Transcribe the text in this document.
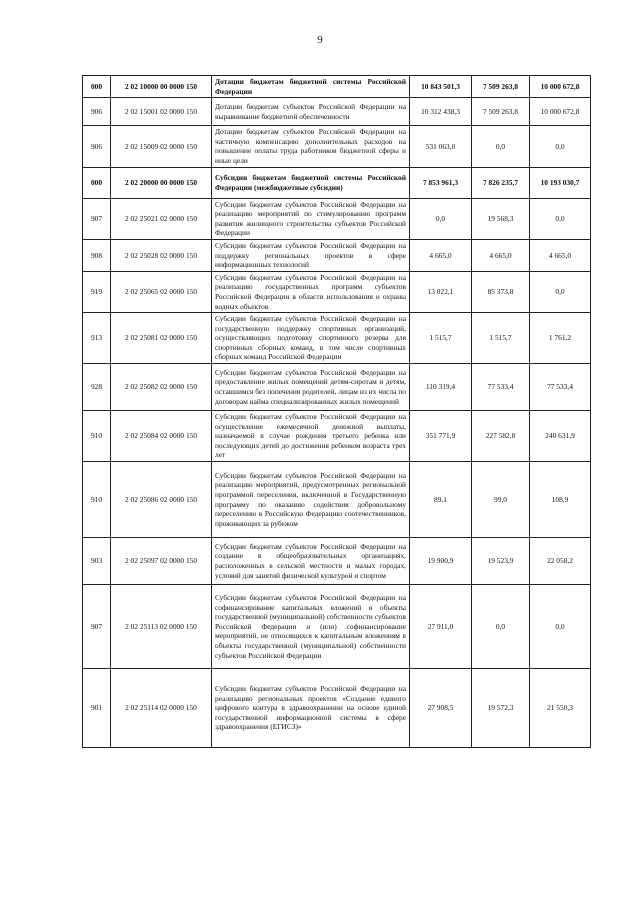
9
000	2 02 10000 00 0000 150	Дотации бюджетам бюджетной системы Российской Федерации	10 843 501,3	7 509 263,8	10 000 672,8
906	2 02 15001 02 0000 150	Дотации бюджетам субъектов Российской Федерации на выравнивание бюджетной обеспеченности	10 312 438,3	7 509 263,8	10 000 672,8
906	2 02 15009 02 0000 150	Дотации бюджетам субъектов Российской Федерации на частичную компенсацию дополнительных расходов на повышение оплаты труда работников бюджетной сферы и иные цели	531 063,0	0,0	0,0
000	2 02 20000 00 0000 150	Субсидии бюджетам бюджетной системы Российской Федерации (межбюджетные субсидии)	7 853 961,3	7 826 235,7	10 193 030,7
907	2 02 25021 02 0000 150	Субсидии бюджетам субъектов Российской Федерации на реализацию мероприятий по стимулированию программ развития жилищного строительства субъектов Российской Федерации	0,0	19 568,3	0,0
908	2 02 25028 02 0000 150	Субсидии бюджетам субъектов Российской Федерации на поддержку региональных проектов в сфере информационных технологий	4 665,0	4 665,0	4 665,0
919	2 02 25065 02 0000 150	Субсидии бюджетам субъектов Российской Федерации на реализацию государственных программ субъектов Российской Федерации в области использования и охраны водных объектов	13 022,1	85 373,8	0,0
913	2 02 25081 02 0000 150	Субсидии бюджетам субъектов Российской Федерации на государственную поддержку спортивных организаций, осуществляющих подготовку спортивного резерва для спортивных сборных команд, в том числе спортивных сборных команд Российской Федерации	1 515,7	1 515,7	1 761,2
928	2 02 25082 02 0000 150	Субсидии бюджетам субъектов Российской Федерации на предоставление жилых помещений детям-сиротам и детям, оставшимся без попечения родителей, лицам из их числа по договорам найма специализированных жилых помещений	110 319,4	77 533,4	77 533,4
910	2 02 25084 02 0000 150	Субсидии бюджетам субъектов Российской Федерации на осуществление ежемесячной денежной выплаты, назначаемой в случае рождения третьего ребенка или последующих детей до достижения ребенком возраста трех лет	351 771,9	227 582,8	240 631,9
910	2 02 25086 02 0000 150	Субсидии бюджетам субъектов Российской Федерации на реализацию мероприятий, предусмотренных региональной программой переселения, включенной в Государственную программу по оказанию содействия добровольному переселению в Российскую Федерацию соотечественников, проживающих за рубежом	89,1	99,0	108,9
903	2 02 25097 02 0000 150	Субсидии бюджетам субъектов Российской Федерации на создание в общеобразовательных организациях, расположенных в сельской местности и малых городах, условий для занятий физической культурой и спортом	19 900,9	19 523,9	22 058,2
907	2 02 25113 02 0000 150	Субсидии бюджетам субъектов Российской Федерации на софинансирование капитальных вложений в объекты государственной (муниципальной) собственности субъектов Российской Федерации и (или) софинансирование мероприятий, не относящихся к капитальным вложениям в объекты государственной (муниципальной) собственности субъектов Российской Федерации	27 911,0	0,0	0,0
901	2 02 25114 02 0000 150	Субсидии бюджетам субъектов Российской Федерации на реализацию региональных проектов «Создание единого цифрового контура в здравоохранении на основе единой государственной информационной системы в сфере здравоохранения (ЕГИСЗ)»	27 908,5	19 572,3	21 550,3
